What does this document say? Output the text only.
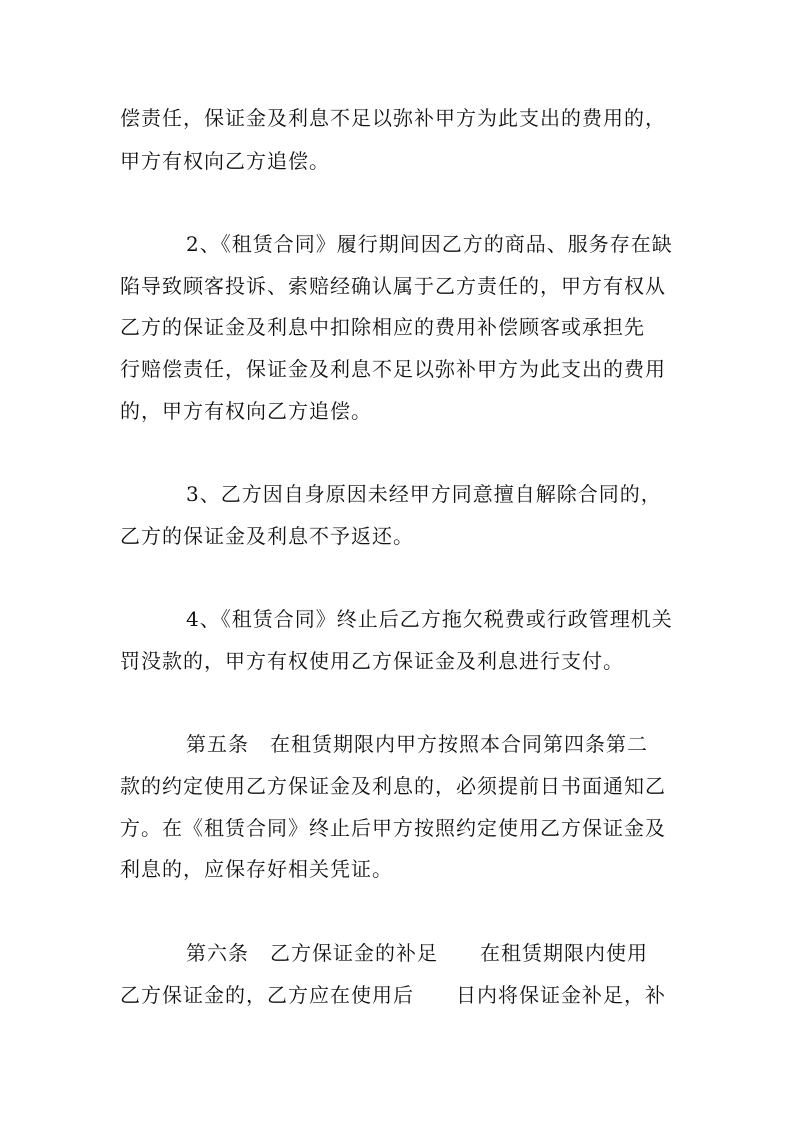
偿责任，保证金及利息不足以弥补甲方为此支出的费用的，
甲方有权向乙方追偿。
2、《租赁合同》履行期间因乙方的商品、服务存在缺
陷导致顾客投诉、索赔经确认属于乙方责任的，甲方有权从
乙方的保证金及利息中扣除相应的费用补偿顾客或承担先
行赔偿责任，保证金及利息不足以弥补甲方为此支出的费用
的，甲方有权向乙方追偿。
3、乙方因自身原因未经甲方同意擅自解除合同的，
乙方的保证金及利息不予返还。
4、《租赁合同》终止后乙方拖欠税费或行政管理机关
罚没款的，甲方有权使用乙方保证金及利息进行支付。
第五条　在租赁期限内甲方按照本合同第四条第二
款的约定使用乙方保证金及利息的，必须提前日书面通知乙
方。在《租赁合同》终止后甲方按照约定使用乙方保证金及
利息的，应保存好相关凭证。
第六条　乙方保证金的补足　　在租赁期限内使用
乙方保证金的，乙方应在使用后　　日内将保证金补足，补
